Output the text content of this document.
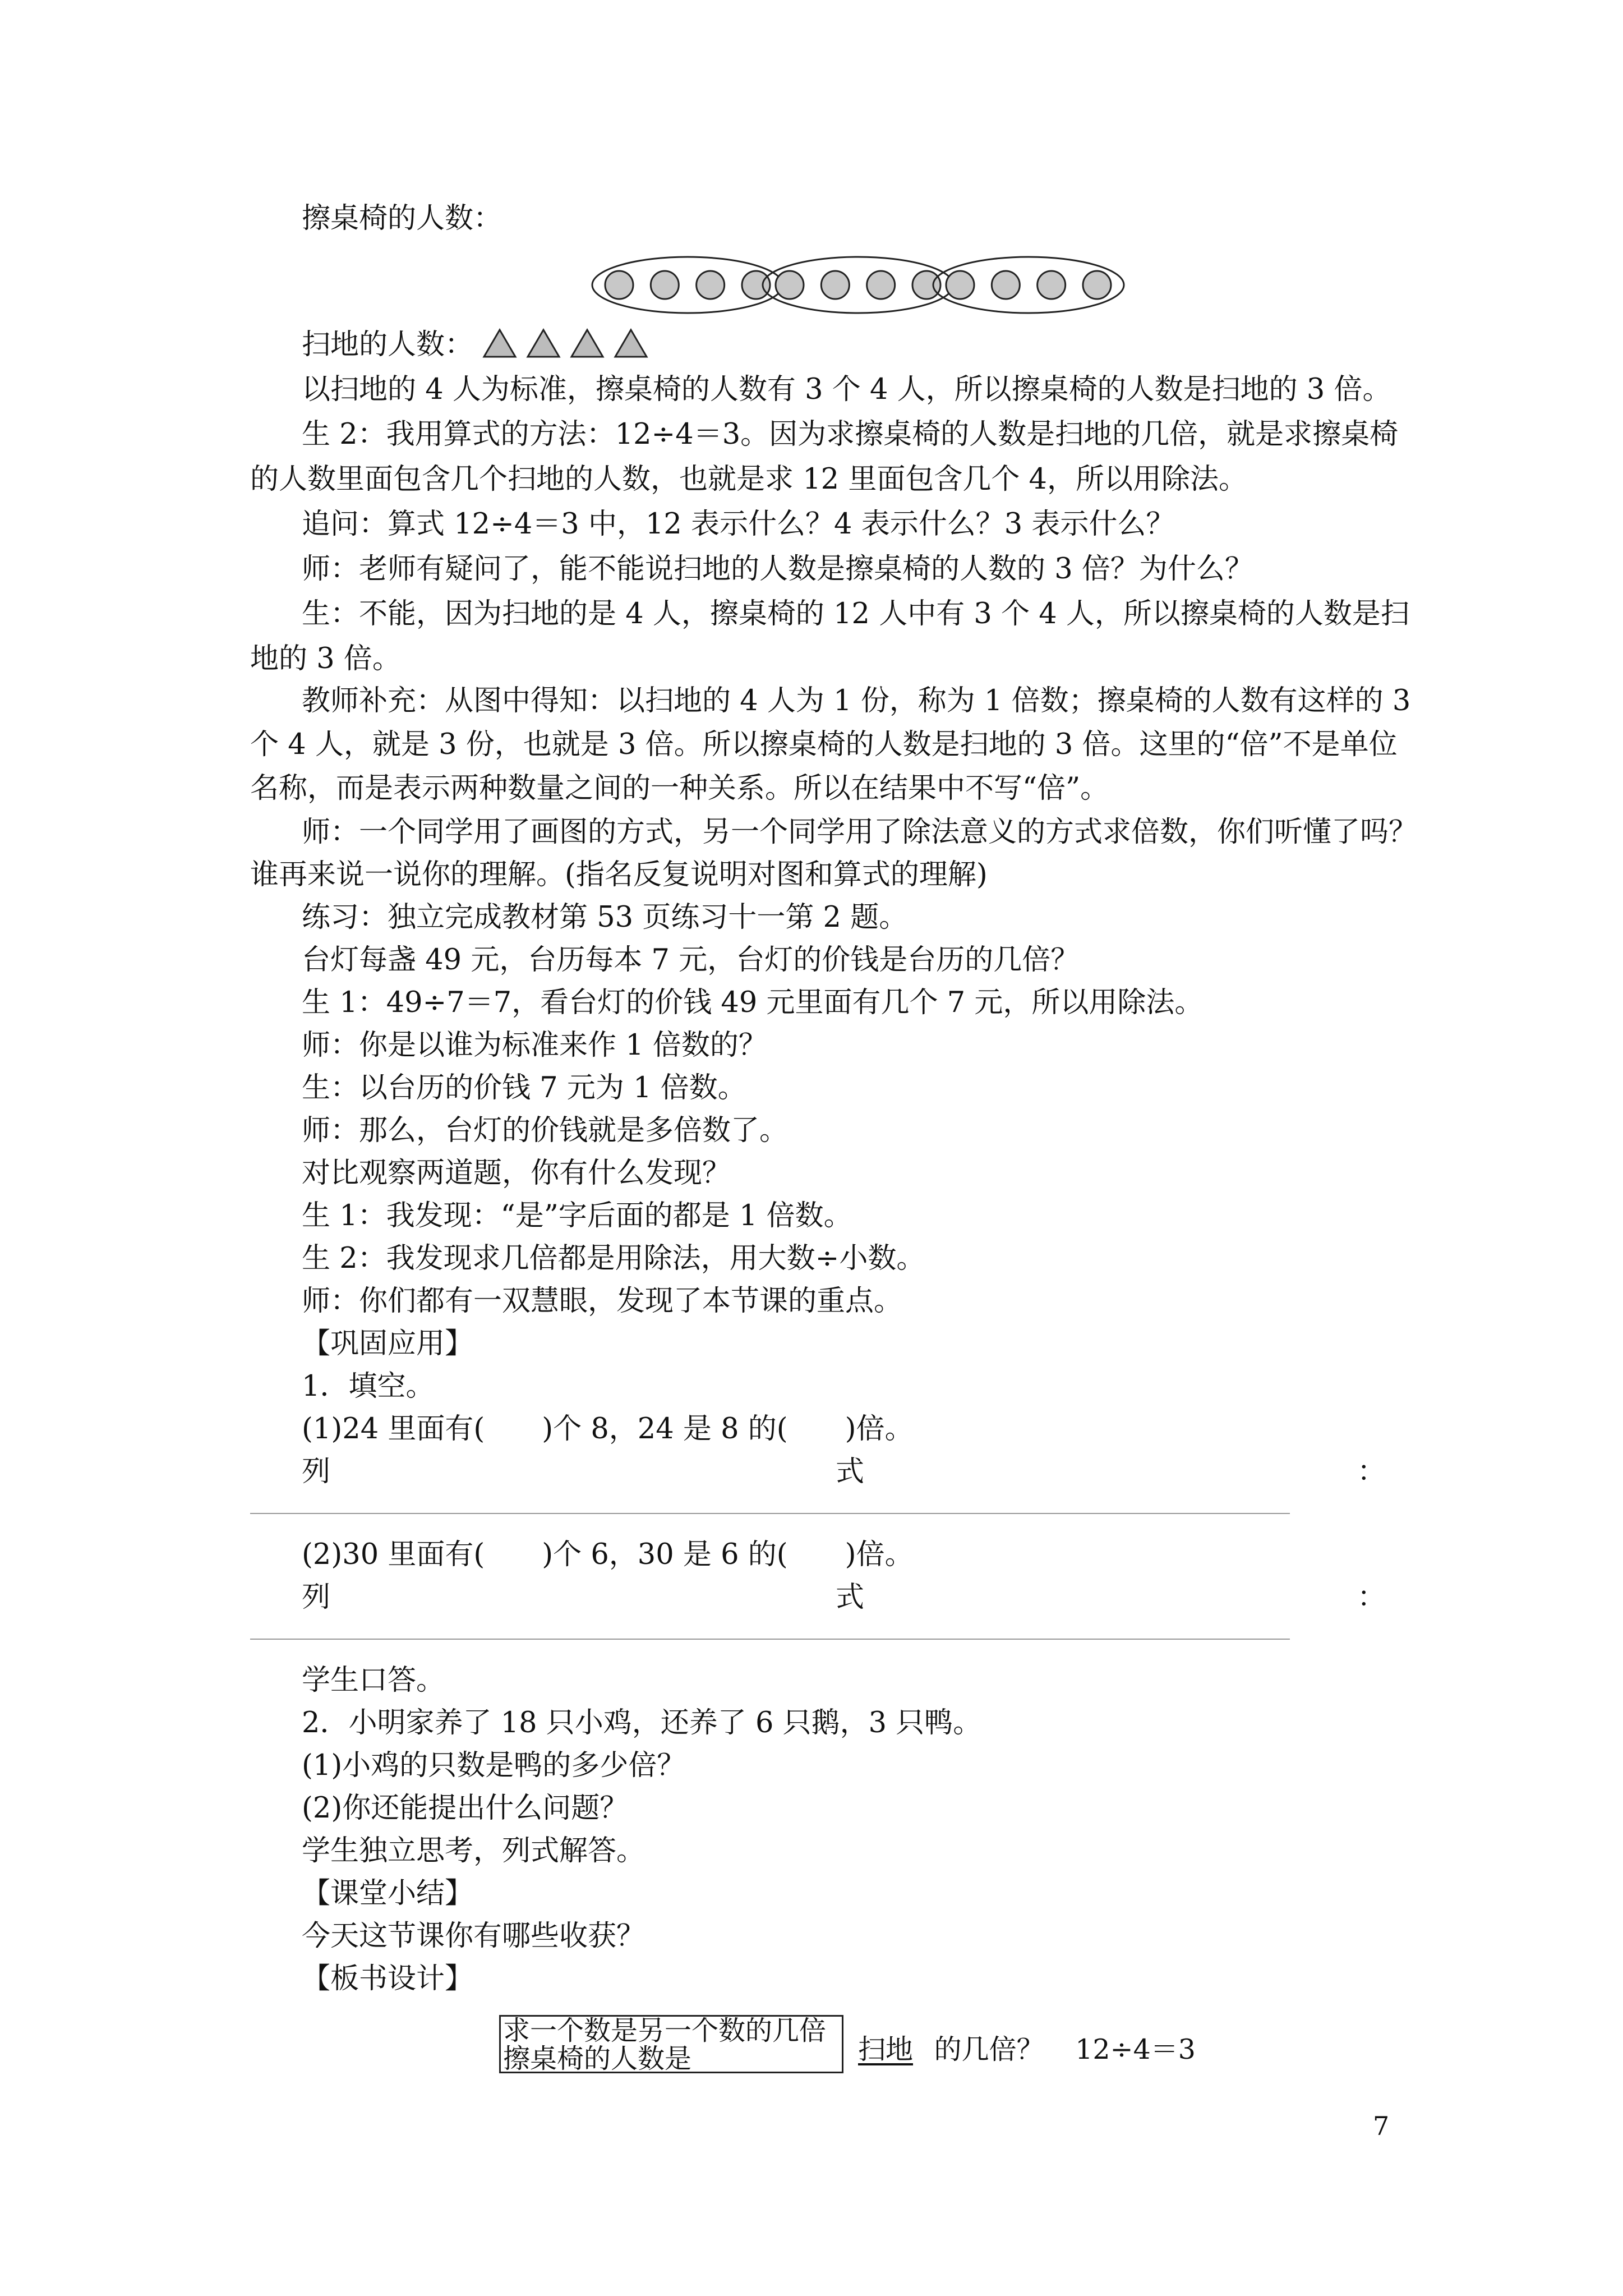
擦桌椅的人数：
扫地的人数：
以扫地的 4 人为标准，擦桌椅的人数有 3 个 4 人，所以擦桌椅的人数是扫地的 3 倍。
生 2：我用算式的方法：12÷4＝3。因为求擦桌椅的人数是扫地的几倍，就是求擦桌椅
的人数里面包含几个扫地的人数，也就是求 12 里面包含几个 4，所以用除法。
追问：算式 12÷4＝3 中，12 表示什么？4 表示什么？3 表示什么？
师：老师有疑问了，能不能说扫地的人数是擦桌椅的人数的 3 倍？为什么？
生：不能，因为扫地的是 4 人，擦桌椅的 12 人中有 3 个 4 人，所以擦桌椅的人数是扫
地的 3 倍。
教师补充：从图中得知：以扫地的 4 人为 1 份，称为 1 倍数；擦桌椅的人数有这样的 3
个 4 人，就是 3 份，也就是 3 倍。所以擦桌椅的人数是扫地的 3 倍。这里的“倍”不是单位
名称，而是表示两种数量之间的一种关系。所以在结果中不写“倍”。
师：一个同学用了画图的方式，另一个同学用了除法意义的方式求倍数，你们听懂了吗？
谁再来说一说你的理解。(指名反复说明对图和算式的理解)
练习：独立完成教材第 53 页练习十一第 2 题。
台灯每盏 49 元，台历每本 7 元，台灯的价钱是台历的几倍？
生 1：49÷7＝7，看台灯的价钱 49 元里面有几个 7 元，所以用除法。
师：你是以谁为标准来作 1 倍数的？
生：以台历的价钱 7 元为 1 倍数。
师：那么，台灯的价钱就是多倍数了。
对比观察两道题，你有什么发现？
生 1：我发现：“是”字后面的都是 1 倍数。
生 2：我发现求几倍都是用除法，用大数÷小数。
师：你们都有一双慧眼，发现了本节课的重点。
【巩固应用】
1．填空。
(1)24 里面有(　　)个 8，24 是 8 的(　　)倍。
列	式	：
(2)30 里面有(　　)个 6，30 是 6 的(　　)倍。
列	式	：
学生口答。
2．小明家养了 18 只小鸡，还养了 6 只鹅，3 只鸭。
(1)小鸡的只数是鸭的多少倍？
(2)你还能提出什么问题？
学生独立思考，列式解答。
【课堂小结】
今天这节课你有哪些收获？
【板书设计】
求一个数是另一个数的几倍
擦桌椅的人数是	扫地 的几倍？ 12÷4＝3
7
